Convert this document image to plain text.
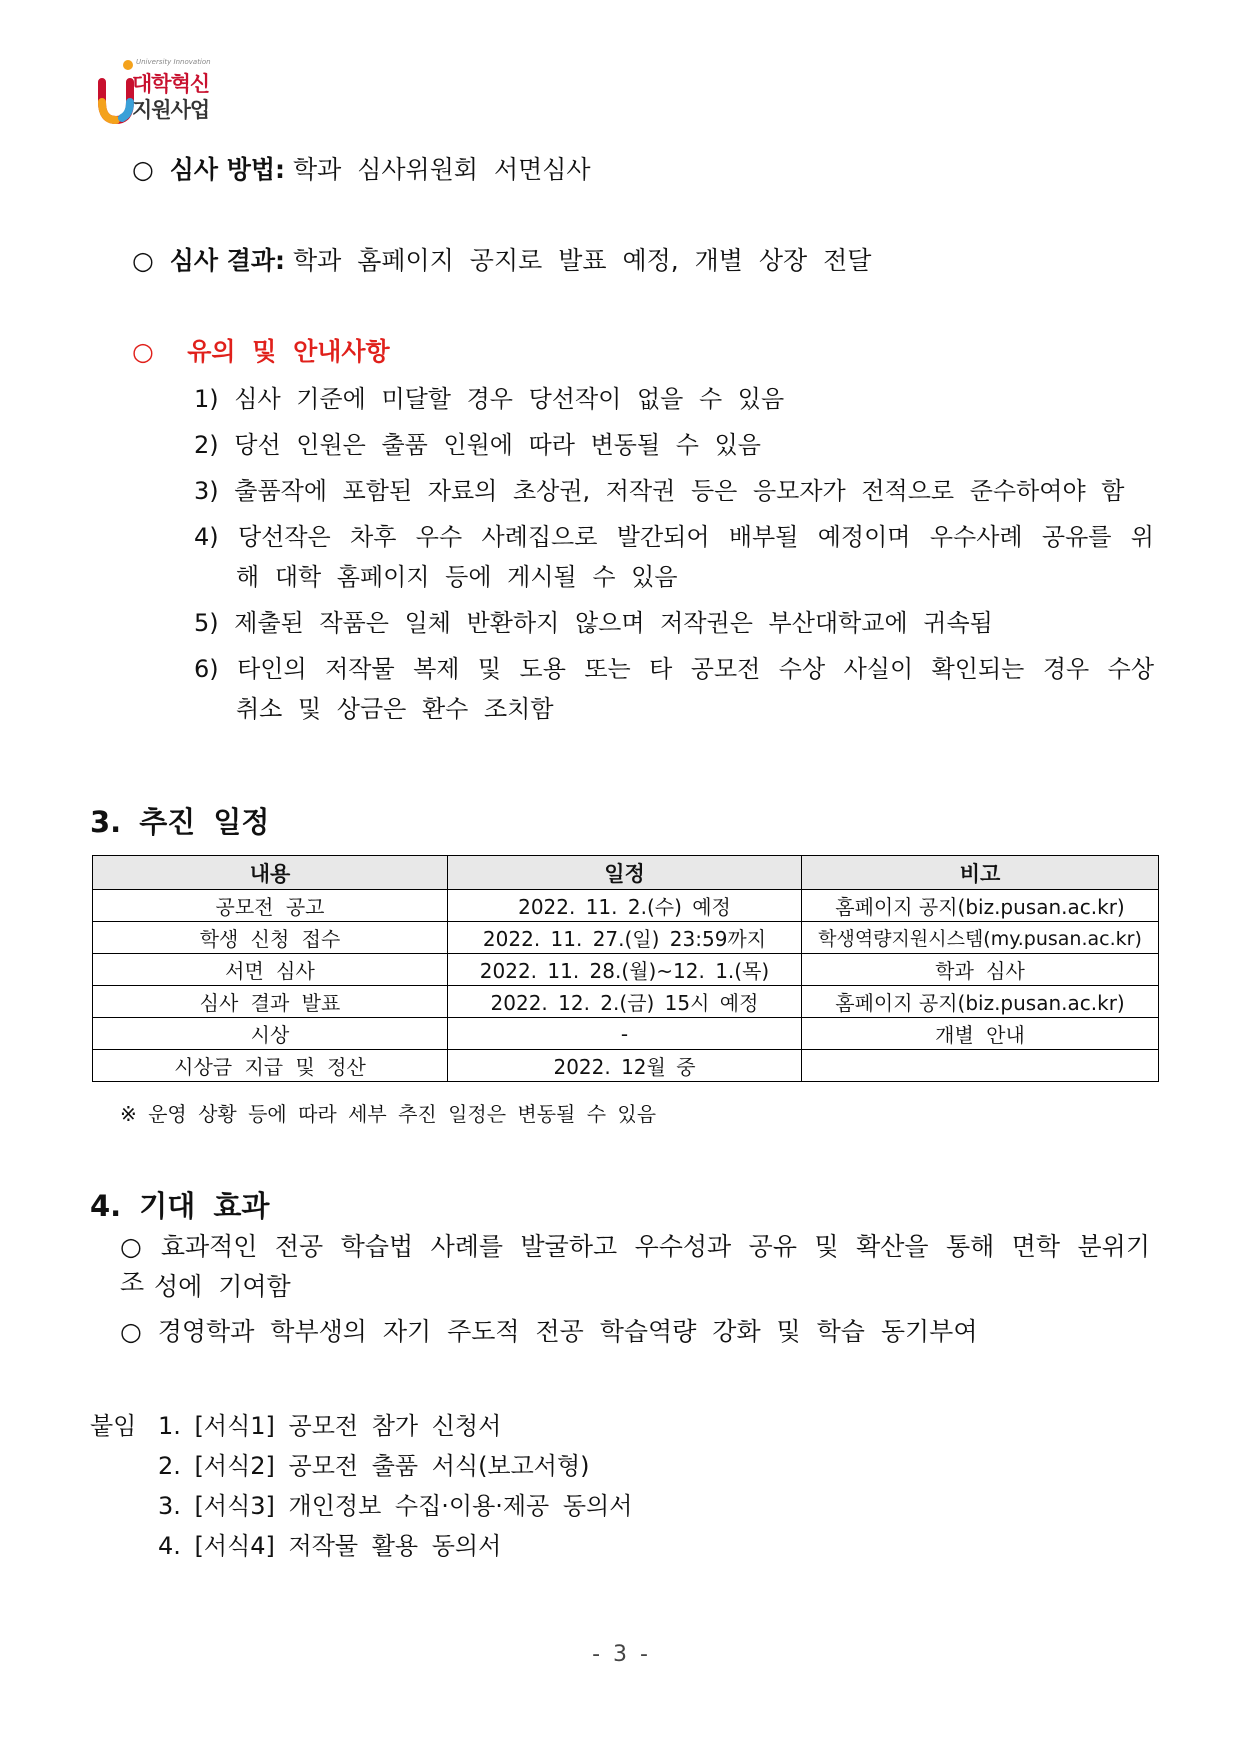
University Innovation
대학혁신
지원사업
○ 심사 방법: 학과 심사위원회 서면심사
○ 심사 결과: 학과 홈페이지 공지로 발표 예정, 개별 상장 전달
○ 유의 및 안내사항
1) 심사 기준에 미달할 경우 당선작이 없을 수 있음
2) 당선 인원은 출품 인원에 따라 변동될 수 있음
3) 출품작에 포함된 자료의 초상권, 저작권 등은 응모자가 전적으로 준수하여야 함
4) 당선작은 차후 우수 사례집으로 발간되어 배부될 예정이며 우수사례 공유를 위
해 대학 홈페이지 등에 게시될 수 있음
5) 제출된 작품은 일체 반환하지 않으며 저작권은 부산대학교에 귀속됨
6) 타인의 저작물 복제 및 도용 또는 타 공모전 수상 사실이 확인되는 경우 수상
취소 및 상금은 환수 조치함
3. 추진 일정
내용	일정	비고
공모전 공고	2022. 11. 2.(수) 예정	홈페이지 공지(biz.pusan.ac.kr)
학생 신청 접수	2022. 11. 27.(일) 23:59까지	학생역량지원시스템(my.pusan.ac.kr)
서면 심사	2022. 11. 28.(월)~12. 1.(목)	학과 심사
심사 결과 발표	2022. 12. 2.(금) 15시 예정	홈페이지 공지(biz.pusan.ac.kr)
시상	-	개별 안내
시상금 지급 및 정산	2022. 12월 중	
※ 운영 상황 등에 따라 세부 추진 일정은 변동될 수 있음
4. 기대 효과
○ 효과적인 전공 학습법 사례를 발굴하고 우수성과 공유 및 확산을 통해 면학 분위기 조 성에 기여함
○ 경영학과 학부생의 자기 주도적 전공 학습역량 강화 및 학습 동기부여
붙임 1. [서식1] 공모전 참가 신청서
2. [서식2] 공모전 출품 서식(보고서형)
3. [서식3] 개인정보 수집·이용·제공 동의서
4. [서식4] 저작물 활용 동의서
- 3 -
